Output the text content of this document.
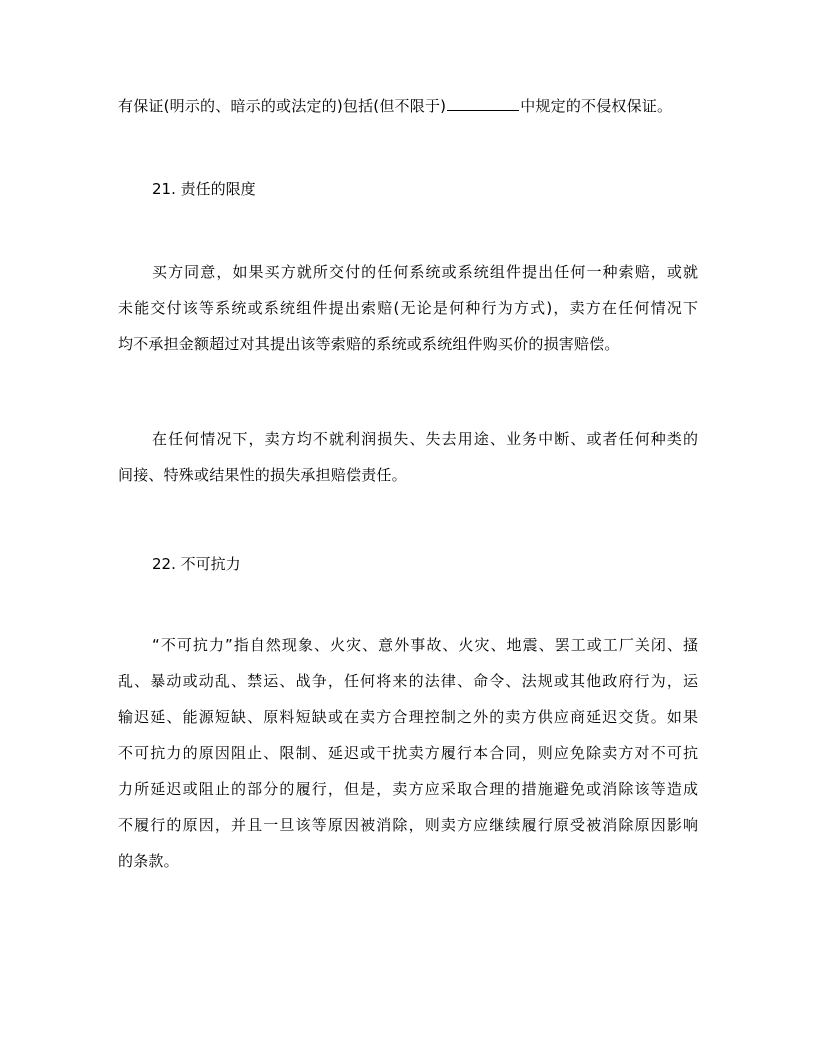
有保证(明示的、暗示的或法定的)包括(但不限于)	中规定的不侵权保证。
21. 责任的限度
买方同意，如果买方就所交付的任何系统或系统组件提出任何一种索赔，或就
未能交付该等系统或系统组件提出索赔(无论是何种行为方式)，卖方在任何情况下
均不承担金额超过对其提出该等索赔的系统或系统组件购买价的损害赔偿。
在任何情况下，卖方均不就利润损失、失去用途、业务中断、或者任何种类的
间接、特殊或结果性的损失承担赔偿责任。
22. 不可抗力
“不可抗力”指自然现象、火灾、意外事故、火灾、地震、罢工或工厂关闭、搔
乱、暴动或动乱、禁运、战争，任何将来的法律、命令、法规或其他政府行为，运
输迟延、能源短缺、原料短缺或在卖方合理控制之外的卖方供应商延迟交货。如果
不可抗力的原因阻止、限制、延迟或干扰卖方履行本合同，则应免除卖方对不可抗
力所延迟或阻止的部分的履行，但是，卖方应采取合理的措施避免或消除该等造成
不履行的原因，并且一旦该等原因被消除，则卖方应继续履行原受被消除原因影响
的条款。
